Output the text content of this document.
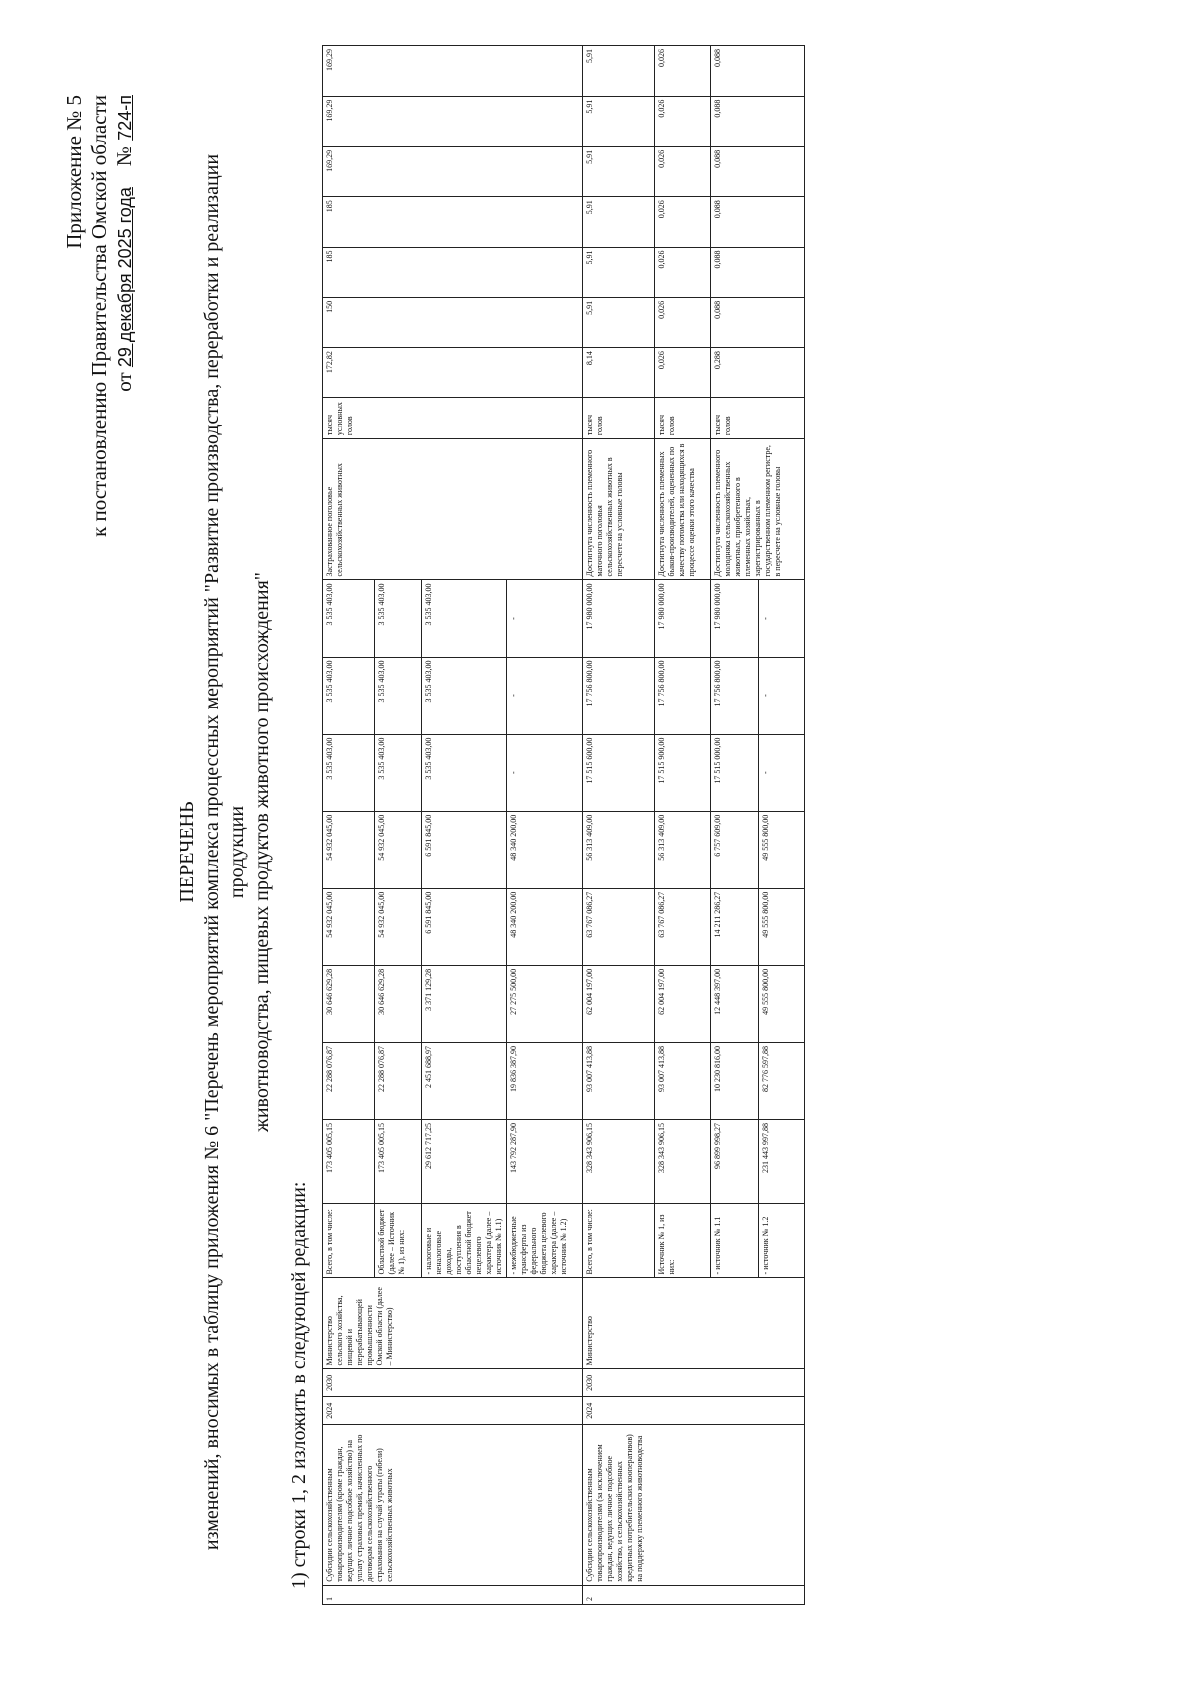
Приложение № 5 к постановлению Правительства Омской области от 29 декабря 2025 года    № 724-п
ПЕРЕЧЕНЬ изменений, вносимых в таблицу приложения № 6 "Перечень мероприятий комплекса процессных мероприятий "Развитие производства, переработки и реализации продукции животноводства, пищевых продуктов животного происхождения"
1) строки 1, 2 изложить в следующей редакции:
1	Субсидии сельскохозяйственным товаропроизводителям (кроме граждан, ведущих личное подсобное хозяйство) на уплату страховых премий, начисленных по договорам сельскохозяйственного страхования на случай утраты (гибели) сельскохозяйственных животных	2024	2030	Министерство сельского хозяйства, пищевой и перерабатывающей промышленности Омской области (далее – Министерство)	Всего, в том числе:	173 405 005,15	22 288 076,87	30 646 629,28	54 932 045,00	54 932 045,00	3 535 403,00	3 535 403,00	3 535 403,00	Застрахованное поголовье сельскохозяйственных животных	тысяч условных голов	172,82	150	185	185	169,29	169,29	169,29
					Областной бюджет (далее – Источник № 1), из них:	173 405 005,15	22 288 076,87	30 646 629,28	54 932 045,00	54 932 045,00	3 535 403,00	3 535 403,00	3 535 403,00									
					- налоговые и неналоговые доходы, поступления в областной бюджет нецелевого характера (далее – источник № 1.1)	29 612 717,25	2 451 688,97	3 371 129,28	6 591 845,00	6 591 845,00	3 535 403,00	3 535 403,00	3 535 403,00									
					- межбюджетные трансферты из федерального бюджета целевого характера (далее – источник № 1.2)	143 792 287,90	19 836 387,90	27 275 500,00	48 340 200,00	48 340 200,00	-	-	-									
2	Субсидии сельскохозяйственным товаропроизводителям (за исключением граждан, ведущих личное подсобное хозяйство, и сельскохозяйственных кредитных потребительских кооперативов) на поддержку племенного животноводства	2024	2030	Министерство	Всего, в том числе:	328 343 906,15	93 007 413,88	62 004 197,00	63 767 086,27	56 313 409,00	17 515 600,00	17 756 800,00	17 980 000,00	Достигнута численность племенного маточного поголовья сельскохозяйственных животных в пересчете на условные головы	тысяч голов	8,14	5,91	5,91	5,91	5,91	5,91	5,91
					Источник № 1, из них:	328 343 906,15	93 007 413,88	62 004 197,00	63 767 086,27	56 313 409,00	17 515 900,00	17 756 800,00	17 980 000,00	Достигнута численность племенных быков-производителей, оцененных по качеству потомства или находящихся в процессе оценки этого качества	тысяч голов	0,026	0,026	0,026	0,026	0,026	0,026	0,026
					- источник № 1.1	96 899 998,27	10 230 816,00	12 448 397,00	14 211 286,27	6 757 609,00	17 515 000,00	17 756 800,00	17 980 000,00	Достигнута численность племенного молодняка сельскохозяйственных животных, приобретенного в племенных хозяйствах, зарегистрированных в государственном племенном регистре, в пересчете на условные головы	тысяч голов	0,288	0,088	0,088	0,088	0,088	0,088	0,088
					- источник № 1.2	231 443 997,88	82 776 597,88	49 555 800,00	49 555 800,00	49 555 800,00	-	-	-									
